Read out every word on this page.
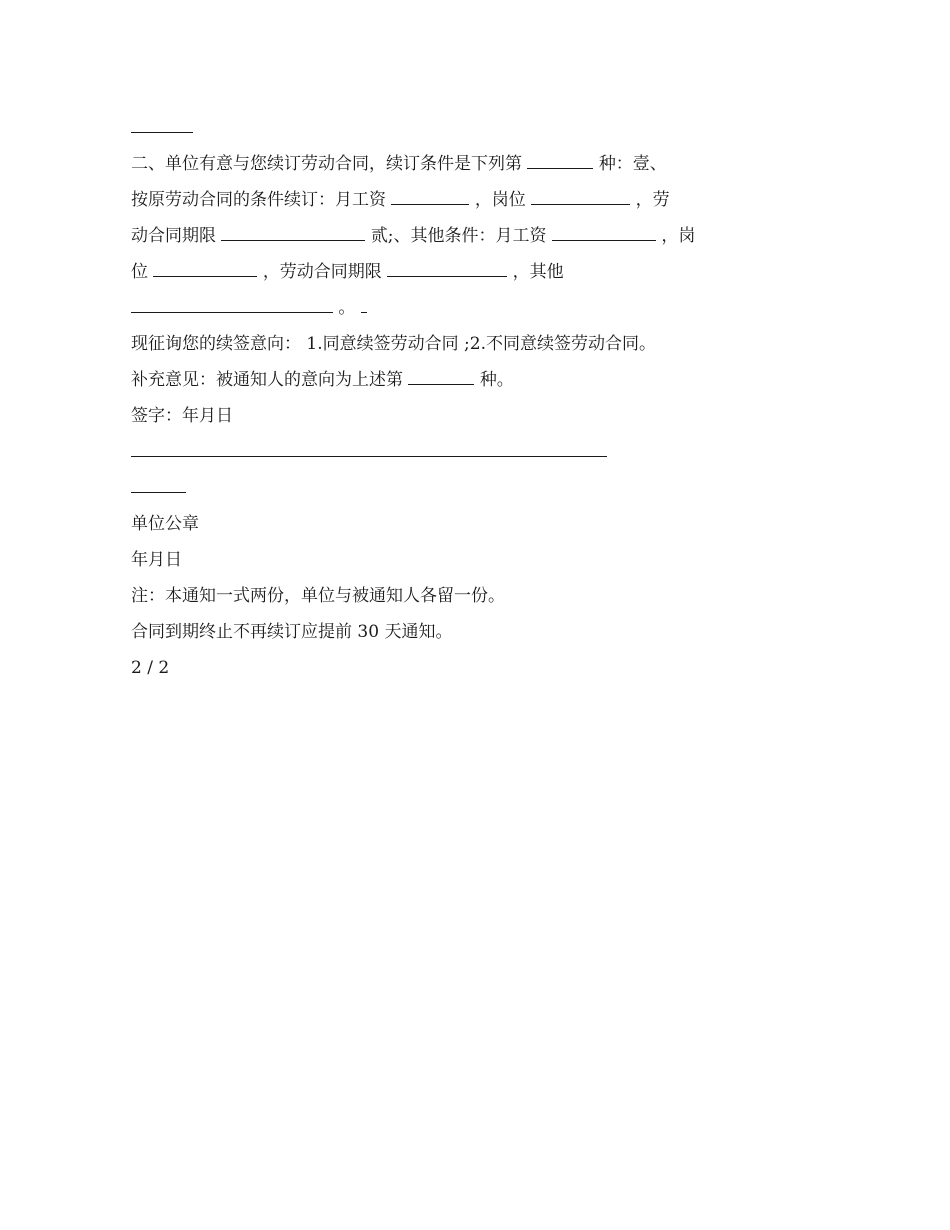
二、单位有意与您续订劳动合同，续订条件是下列第	种：壹、
按原劳动合同的条件续订：月工资	，岗位	，劳
动合同期限	贰;、其他条件：月工资	，岗
位	，劳动合同期限	，其他
。
现征询您的续签意向： 1.同意续签劳动合同 ;2.不同意续签劳动合同。
补充意见：被通知人的意向为上述第	种。
签字：年月日
单位公章
年月日
注：本通知一式两份，单位与被通知人各留一份。
合同到期终止不再续订应提前 30 天通知。
2 / 2
